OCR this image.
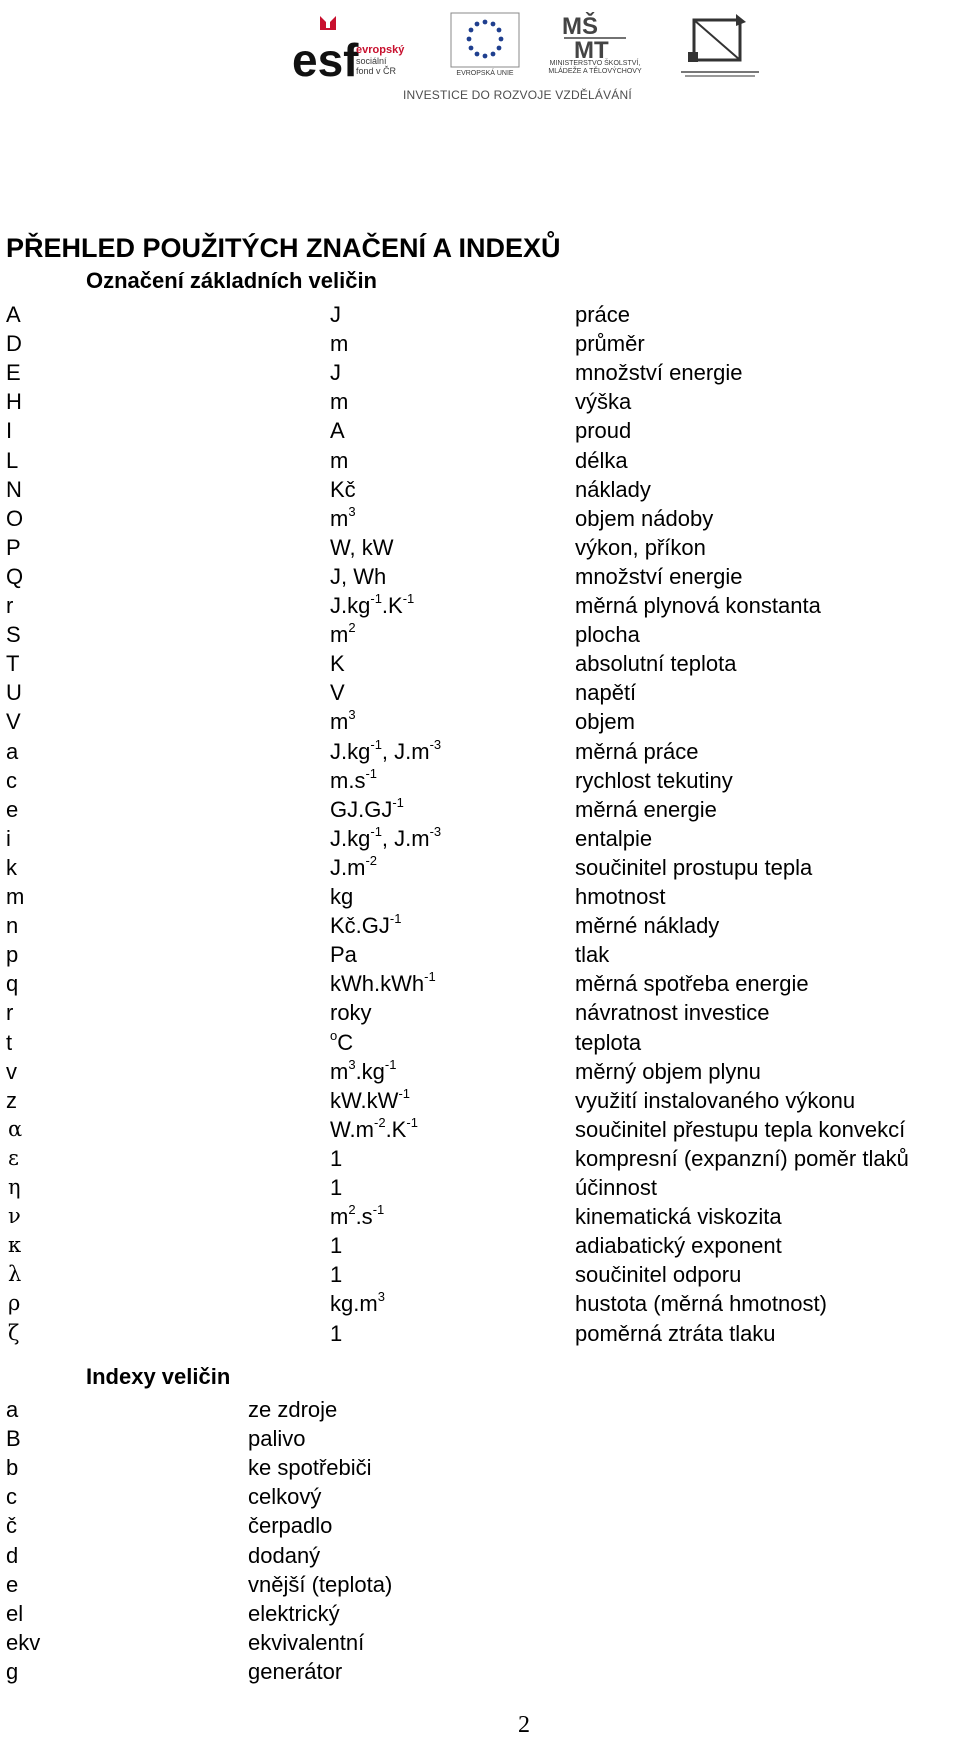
esf
evropský
sociální
fond v ČR	EVROPSKÁ UNIE
MŠ
MT
MINISTERSTVO ŠKOLSTVÍ,
MLÁDEŽE A TĚLOVÝCHOVY
INVESTICE DO ROZVOJE VZDĚLÁVÁNÍ
PŘEHLED POUŽITÝCH ZNAČENÍ A INDEXŮ
Označení základních veličin
A	J	práce
D	m	průměr
E	J	množství energie
H	m	výška
I	A	proud
L	m	délka
N	Kč	náklady
O	$m^3$	objem nádoby
P	W, kW	výkon, příkon
Q	J, Wh	množství energie
r	$J.kg^{-1}.K^{-1}$	měrná plynová konstanta
S	$m^2$	plocha
T	K	absolutní teplota
U	V	napětí
V	$m^3$	objem
a	$J.kg^{-1}$, $J.m^{-3}$	měrná práce
c	$m.s^{-1}$	rychlost tekutiny
e	$GJ.GJ^{-1}$	měrná energie
i	$J.kg^{-1}$, $J.m^{-3}$	entalpie
k	$J.m^{-2}$	součinitel prostupu tepla
m	kg	hmotnost
n	$Kč.GJ^{-1}$	měrné náklady
p	Pa	tlak
q	kWh.kWh$^{-1}$	měrná spotřeba energie
r	roky	návratnost investice
t	$^o$C	teplota
v	$m^3.kg^{-1}$	měrný objem plynu
z	$kW.kW^{-1}$	využití instalovaného výkonu
α	$W.m^{-2}.K^{-1}$	součinitel přestupu tepla konvekcí
ε	1	kompresní (expanzní) poměr tlaků
η	1	účinnost
ν	$m^2.s^{-1}$	kinematická viskozita
κ	1	adiabatický exponent
λ	1	součinitel odporu
ρ	$kg.m^3$	hustota (měrná hmotnost)
ζ	1	poměrná ztráta tlaku
Indexy veličin
a	ze zdroje
B	palivo
b	ke spotřebiči
c	celkový
č	čerpadlo
d	dodaný
e	vnější (teplota)
el	elektrický
ekv	ekvivalentní
g	generátor
2
